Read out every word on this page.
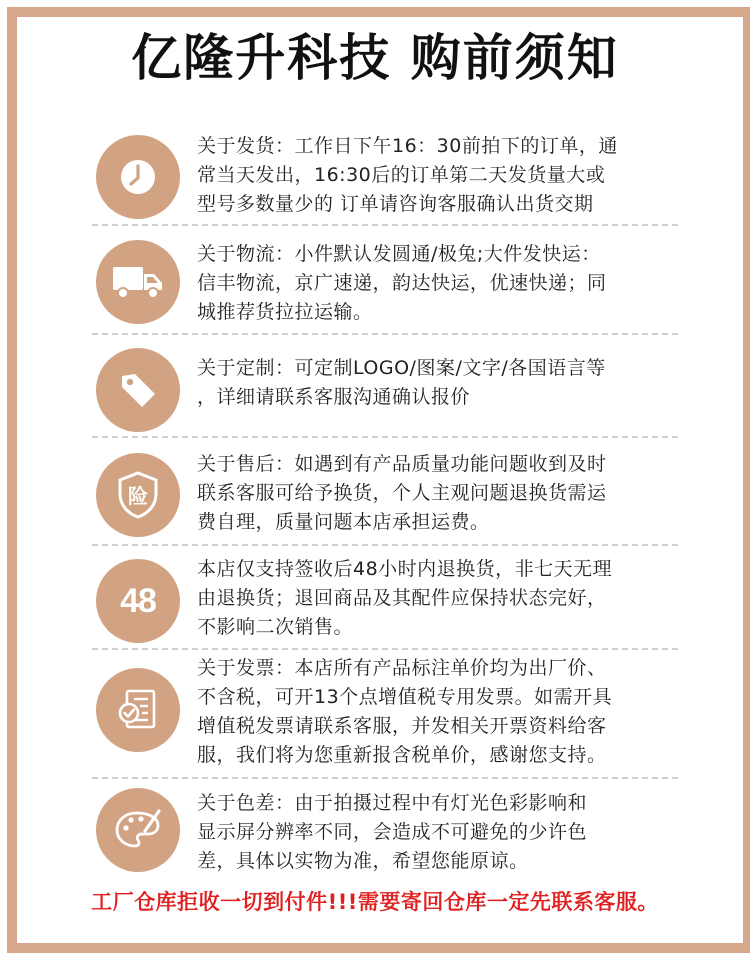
亿隆升科技 购前须知
关于发货：工作日下午16：30前拍下的订单，通
常当天发出，16:30后的订单第二天发货量大或
型号多数量少的 订单请咨询客服确认出货交期
关于物流：小件默认发圆通/极兔;大件发快运：
信丰物流，京广速递，韵达快运，优速快递；同
城推荐货拉拉运输。
关于定制：可定制LOGO/图案/文字/各国语言等
，详细请联系客服沟通确认报价
险
关于售后：如遇到有产品质量功能问题收到及时
联系客服可给予换货，个人主观问题退换货需运
费自理，质量问题本店承担运费。
48
本店仅支持签收后48小时内退换货，非七天无理
由退换货；退回商品及其配件应保持状态完好，
不影响二次销售。
关于发票：本店所有产品标注单价均为出厂价、
不含税，可开13个点增值税专用发票。如需开具
增值税发票请联系客服，并发相关开票资料给客
服，我们将为您重新报含税单价，感谢您支持。
关于色差：由于拍摄过程中有灯光色彩影响和
显示屏分辨率不同，会造成不可避免的少许色
差，具体以实物为准，希望您能原谅。
工厂仓库拒收一切到付件!!!需要寄回仓库一定先联系客服。
